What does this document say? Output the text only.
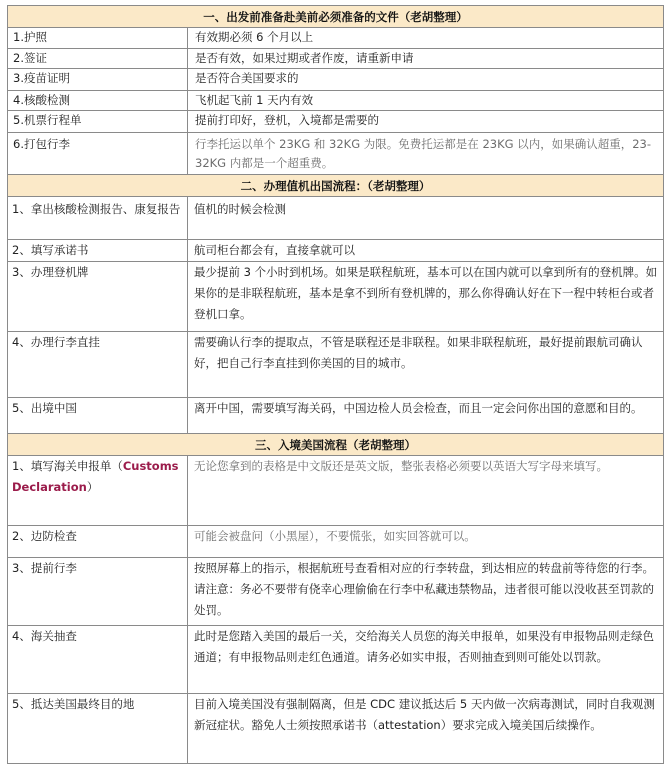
一、出发前准备赴美前必须准备的文件（老胡整理）	
1.护照	有效期必须 6 个月以上
2.签证	是否有效，如果过期或者作废，请重新申请
3.疫苗证明	是否符合美国要求的
4.核酸检测	飞机起飞前 1 天内有效
5.机票行程单	提前打印好，登机，入境都是需要的
6.打包行李	行李托运以单个 23KG 和 32KG 为限。免费托运都是在 23KG 以内，如果确认超重，23-32KG 内都是一个超重费。
二、办理值机出国流程：（老胡整理）	
1、拿出核酸检测报告、康复报告	值机的时候会检测
2、填写承诺书	航司柜台都会有，直接拿就可以
3、办理登机牌	最少提前 3 个小时到机场。如果是联程航班，基本可以在国内就可以拿到所有的登机牌。如果你的是非联程航班，基本是拿不到所有登机牌的，那么你得确认好在下一程中转柜台或者登机口拿。
4、办理行李直挂	需要确认行李的提取点，不管是联程还是非联程。如果非联程航班，最好提前跟航司确认好，把自己行李直挂到你美国的目的城市。
5、出境中国	离开中国，需要填写海关码，中国边检人员会检查，而且一定会问你出国的意愿和目的。
三、入境美国流程（老胡整理）	
1、填写海关申报单（Customs Declaration）	无论您拿到的表格是中文版还是英文版，整张表格必须要以英语大写字母来填写。
2、边防检查	可能会被盘问（小黑屋），不要慌张，如实回答就可以。
3、提前行李	按照屏幕上的指示，根据航班号查看相对应的行李转盘，到达相应的转盘前等待您的行李。请注意：务必不要带有侥幸心理偷偷在行李中私藏违禁物品，违者很可能以没收甚至罚款的处罚。
4、海关抽查	此时是您踏入美国的最后一关，交给海关人员您的海关申报单，如果没有申报物品则走绿色通道；有申报物品则走红色通道。请务必如实申报，否则抽查到则可能处以罚款。
5、抵达美国最终目的地	目前入境美国没有强制隔离，但是 CDC 建议抵达后 5 天内做一次病毒测试，同时自我观测新冠症状。豁免人士须按照承诺书（attestation）要求完成入境美国后续操作。
